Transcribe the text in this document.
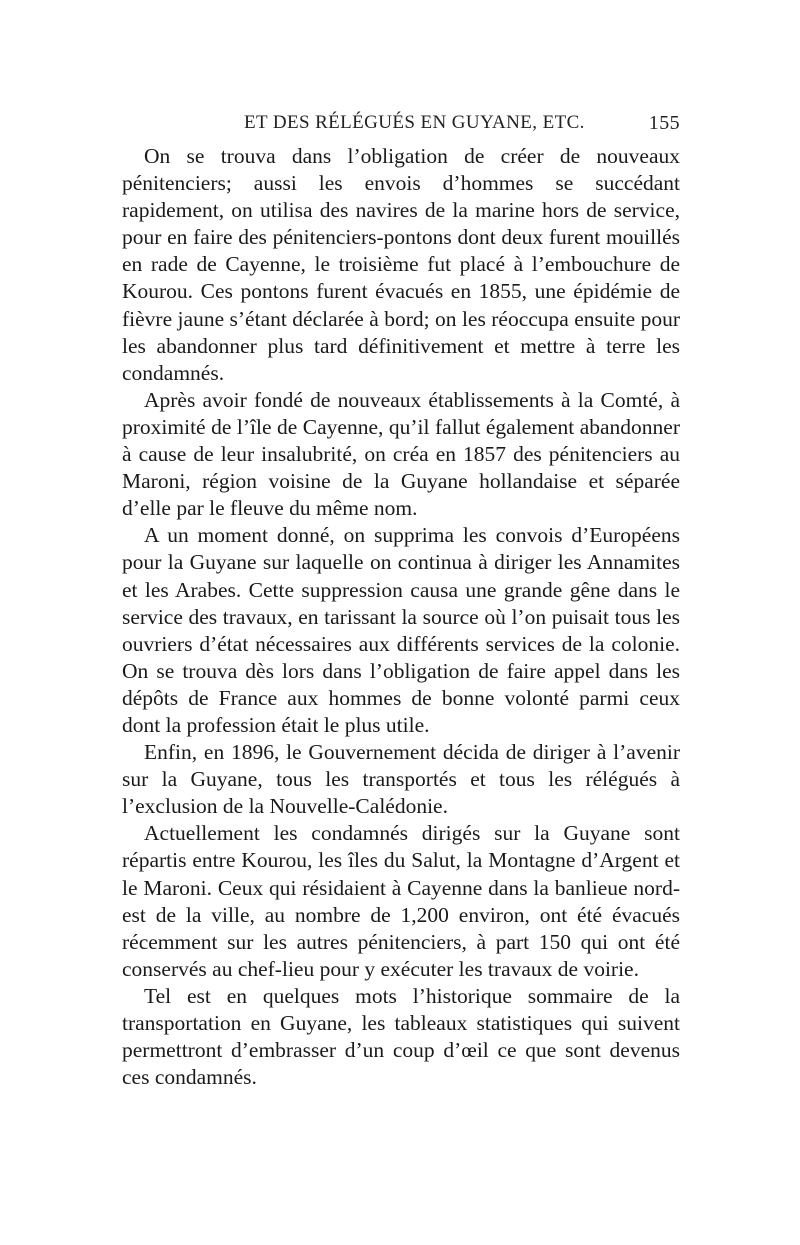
ET DES RÉLÉGUÉS EN GUYANE, ETC.	155

On se trouva dans l’obligation de créer de nouveaux pénitenciers; aussi les envois d’hommes se succédant rapidement, on utilisa des navires de la marine hors de service, pour en faire des pénitenciers-pontons dont deux furent mouillés en rade de Cayenne, le troisième fut placé à l’embouchure de Kourou. Ces pontons furent évacués en 1855, une épidémie de fièvre jaune s’étant déclarée à bord; on les réoccupa ensuite pour les abandonner plus tard définitivement et mettre à terre les condamnés.

Après avoir fondé de nouveaux établissements à la Comté, à proximité de l’île de Cayenne, qu’il fallut également abandonner à cause de leur insalubrité, on créa en 1857 des pénitenciers au Maroni, région voisine de la Guyane hollandaise et séparée d’elle par le fleuve du même nom.

A un moment donné, on supprima les convois d’Européens pour la Guyane sur laquelle on continua à diriger les Annamites et les Arabes. Cette suppression causa une grande gêne dans le service des travaux, en tarissant la source où l’on puisait tous les ouvriers d’état nécessaires aux différents services de la colonie. On se trouva dès lors dans l’obligation de faire appel dans les dépôts de France aux hommes de bonne volonté parmi ceux dont la profession était le plus utile.

Enfin, en 1896, le Gouvernement décida de diriger à l’avenir sur la Guyane, tous les transportés et tous les rélégués à l’exclusion de la Nouvelle-Calédonie.

Actuellement les condamnés dirigés sur la Guyane sont répartis entre Kourou, les îles du Salut, la Montagne d’Argent et le Maroni. Ceux qui résidaient à Cayenne dans la banlieue nord-est de la ville, au nombre de 1,200 environ, ont été évacués récemment sur les autres pénitenciers, à part 150 qui ont été conservés au chef-lieu pour y exécuter les travaux de voirie.

Tel est en quelques mots l’historique sommaire de la transportation en Guyane, les tableaux statistiques qui suivent permettront d’embrasser d’un coup d’œil ce que sont devenus ces condamnés.
